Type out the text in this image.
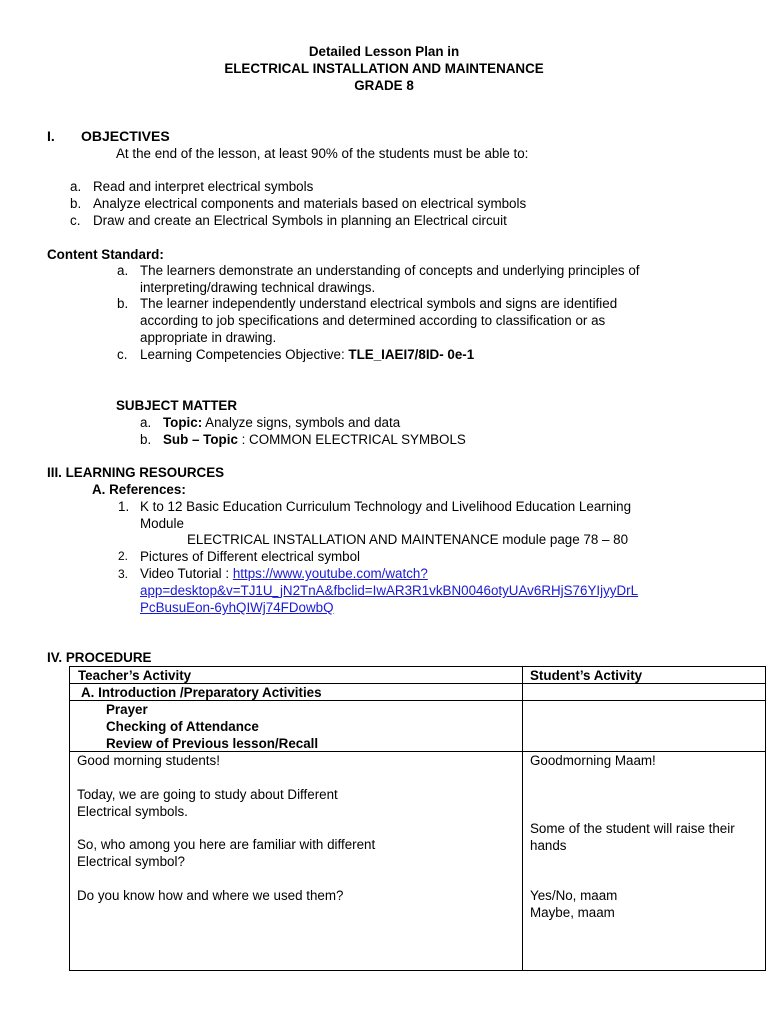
Detailed Lesson Plan in
ELECTRICAL INSTALLATION AND MAINTENANCE
GRADE 8
I. OBJECTIVES
At the end of the lesson, at least 90% of the students must be able to:
a. Read and interpret electrical symbols
b. Analyze electrical components and materials based on electrical symbols
c. Draw and create an Electrical Symbols in planning an Electrical circuit
Content Standard:
a. The learners demonstrate an understanding of concepts and underlying principles of
interpreting/drawing technical drawings.
b. The learner independently understand electrical symbols and signs are identified
according to job specifications and determined according to classification or as
appropriate in drawing.
c. Learning Competencies Objective: TLE_IAEI7/8ID- 0e-1
SUBJECT MATTER
a. Topic: Analyze signs, symbols and data
b. Sub – Topic : COMMON ELECTRICAL SYMBOLS
III. LEARNING RESOURCES
A. References:
1. K to 12 Basic Education Curriculum Technology and Livelihood Education Learning
Module
ELECTRICAL INSTALLATION AND MAINTENANCE module page 78 – 80
2. Pictures of Different electrical symbol
3. Video Tutorial : https://www.youtube.com/watch?
app=desktop&v=TJ1U_jN2TnA&fbclid=IwAR3R1vkBN0046otyUAv6RHjS76YIjyyDrL
PcBusuEon-6yhQIWj74FDowbQ
IV. PROCEDURE
Teacher’s Activity	Student’s Activity
A. Introduction /Preparatory Activities
Prayer
Checking of Attendance
Review of Previous lesson/Recall
Good morning students!
Today, we are going to study about Different
Electrical symbols.
So, who among you here are familiar with different
Electrical symbol?
Do you know how and where we used them?
Goodmorning Maam!
Some of the student will raise their
hands
Yes/No, maam
Maybe, maam
